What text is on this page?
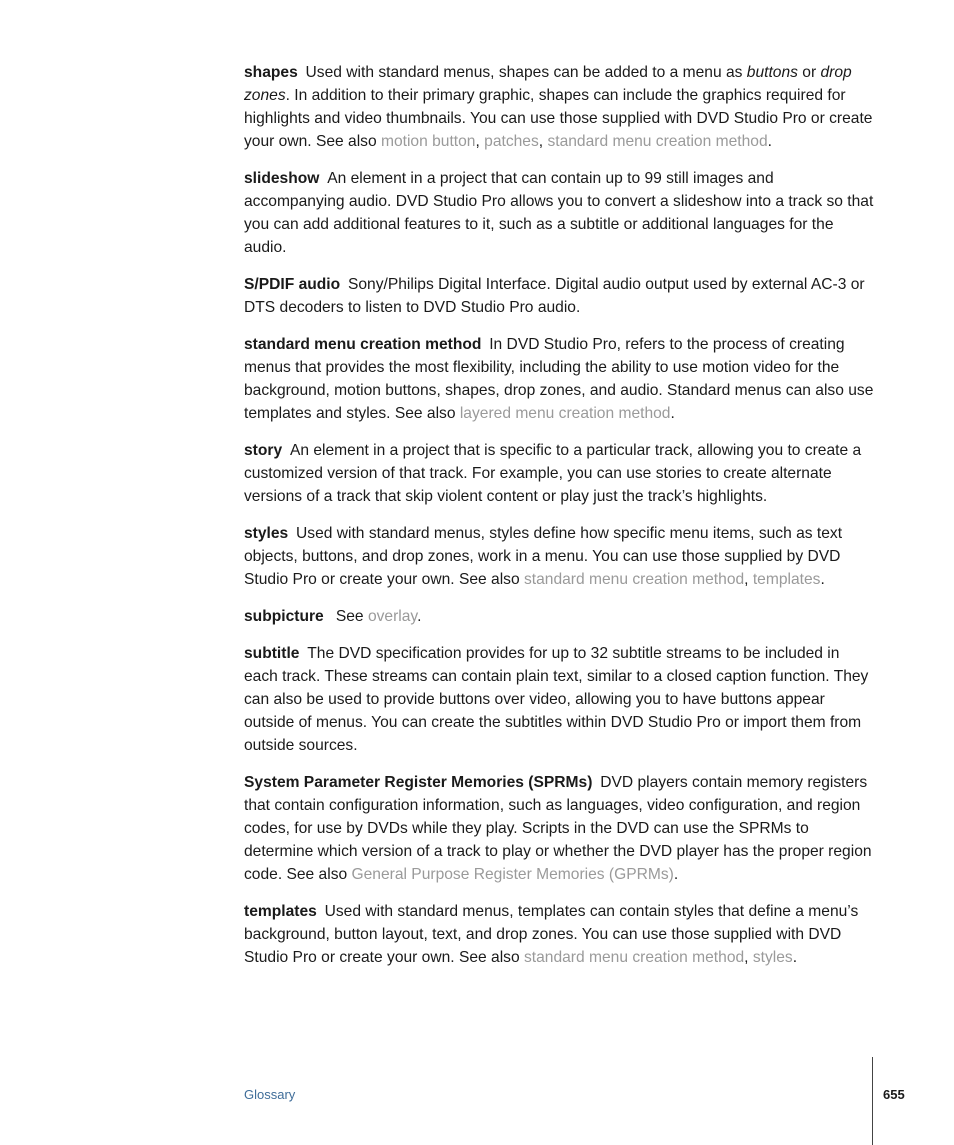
shapes  Used with standard menus, shapes can be added to a menu as buttons or drop zones. In addition to their primary graphic, shapes can include the graphics required for highlights and video thumbnails. You can use those supplied with DVD Studio Pro or create your own. See also motion button, patches, standard menu creation method.

slideshow  An element in a project that can contain up to 99 still images and accompanying audio. DVD Studio Pro allows you to convert a slideshow into a track so that you can add additional features to it, such as a subtitle or additional languages for the audio.

S/PDIF audio  Sony/Philips Digital Interface. Digital audio output used by external AC-3 or DTS decoders to listen to DVD Studio Pro audio.

standard menu creation method  In DVD Studio Pro, refers to the process of creating menus that provides the most flexibility, including the ability to use motion video for the background, motion buttons, shapes, drop zones, and audio. Standard menus can also use templates and styles. See also layered menu creation method.

story  An element in a project that is specific to a particular track, allowing you to create a customized version of that track. For example, you can use stories to create alternate versions of a track that skip violent content or play just the track’s highlights.

styles  Used with standard menus, styles define how specific menu items, such as text objects, buttons, and drop zones, work in a menu. You can use those supplied by DVD Studio Pro or create your own. See also standard menu creation method, templates.

subpicture  See overlay.

subtitle  The DVD specification provides for up to 32 subtitle streams to be included in each track. These streams can contain plain text, similar to a closed caption function. They can also be used to provide buttons over video, allowing you to have buttons appear outside of menus. You can create the subtitles within DVD Studio Pro or import them from outside sources.

System Parameter Register Memories (SPRMs)  DVD players contain memory registers that contain configuration information, such as languages, video configuration, and region codes, for use by DVDs while they play. Scripts in the DVD can use the SPRMs to determine which version of a track to play or whether the DVD player has the proper region code. See also General Purpose Register Memories (GPRMs).

templates  Used with standard menus, templates can contain styles that define a menu’s background, button layout, text, and drop zones. You can use those supplied with DVD Studio Pro or create your own. See also standard menu creation method, styles.

Glossary	655
